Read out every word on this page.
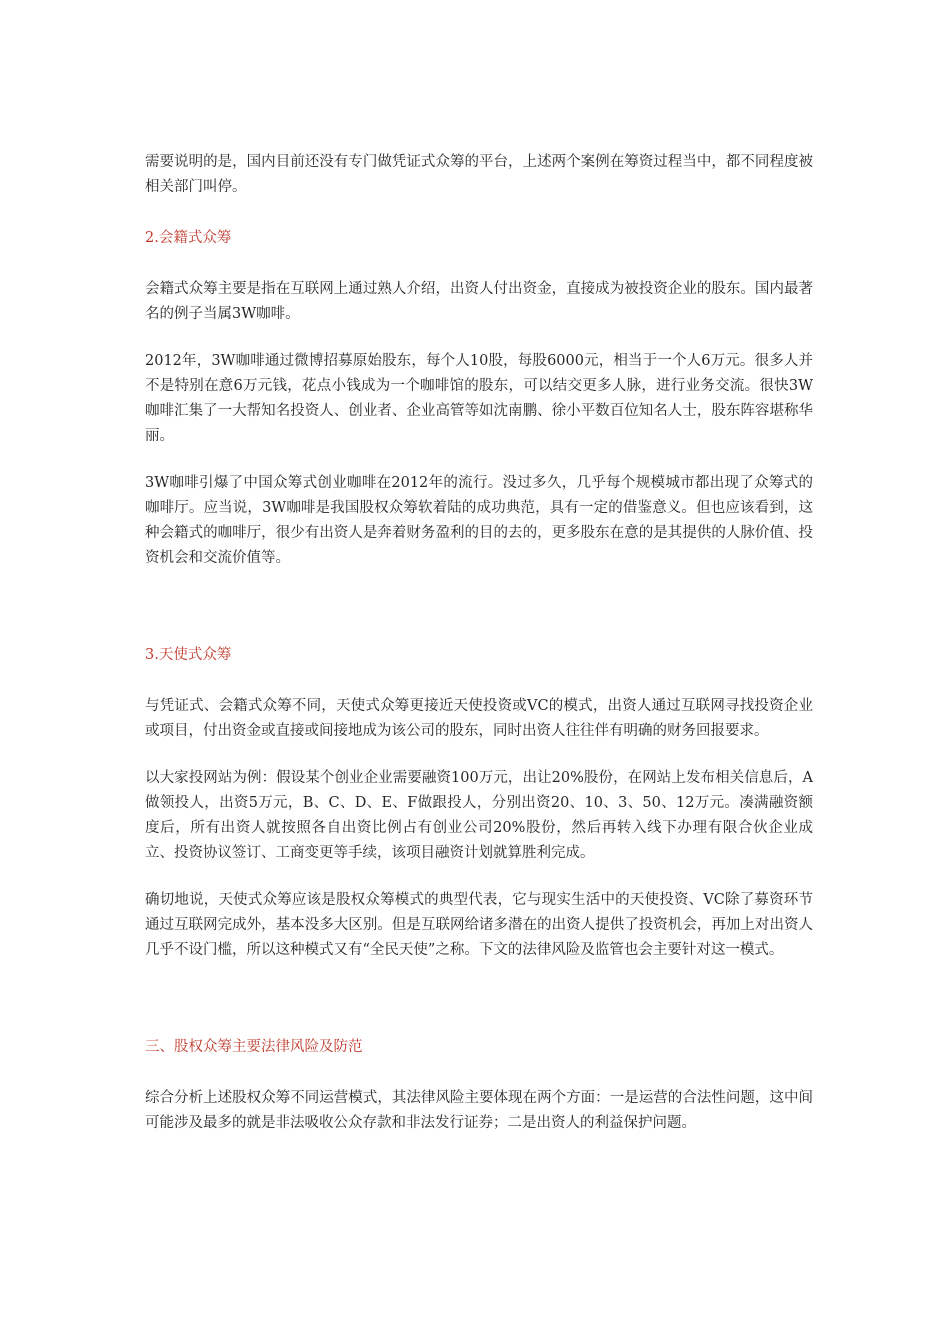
需要说明的是，国内目前还没有专门做凭证式众筹的平台，上述两个案例在筹资过程当中，都不同程度被相关部门叫停。

2.会籍式众筹

会籍式众筹主要是指在互联网上通过熟人介绍，出资人付出资金，直接成为被投资企业的股东。国内最著名的例子当属3W咖啡。

2012年，3W咖啡通过微博招募原始股东，每个人10股，每股6000元，相当于一个人6万元。很多人并不是特别在意6万元钱，花点小钱成为一个咖啡馆的股东，可以结交更多人脉，进行业务交流。很快3W咖啡汇集了一大帮知名投资人、创业者、企业高管等如沈南鹏、徐小平数百位知名人士，股东阵容堪称华丽。

3W咖啡引爆了中国众筹式创业咖啡在2012年的流行。没过多久，几乎每个规模城市都出现了众筹式的咖啡厅。应当说，3W咖啡是我国股权众筹软着陆的成功典范，具有一定的借鉴意义。但也应该看到，这种会籍式的咖啡厅，很少有出资人是奔着财务盈利的目的去的，更多股东在意的是其提供的人脉价值、投资机会和交流价值等。

3.天使式众筹

与凭证式、会籍式众筹不同，天使式众筹更接近天使投资或VC的模式，出资人通过互联网寻找投资企业或项目，付出资金或直接或间接地成为该公司的股东，同时出资人往往伴有明确的财务回报要求。

以大家投网站为例：假设某个创业企业需要融资100万元，出让20%股份，在网站上发布相关信息后，A做领投人，出资5万元，B、C、D、E、F做跟投人，分别出资20、10、3、50、12万元。凑满融资额度后，所有出资人就按照各自出资比例占有创业公司20%股份，然后再转入线下办理有限合伙企业成立、投资协议签订、工商变更等手续，该项目融资计划就算胜利完成。

确切地说，天使式众筹应该是股权众筹模式的典型代表，它与现实生活中的天使投资、VC除了募资环节通过互联网完成外，基本没多大区别。但是互联网给诸多潜在的出资人提供了投资机会，再加上对出资人几乎不设门槛，所以这种模式又有“全民天使”之称。下文的法律风险及监管也会主要针对这一模式。

三、股权众筹主要法律风险及防范

综合分析上述股权众筹不同运营模式，其法律风险主要体现在两个方面：一是运营的合法性问题，这中间可能涉及最多的就是非法吸收公众存款和非法发行证券；二是出资人的利益保护问题。
